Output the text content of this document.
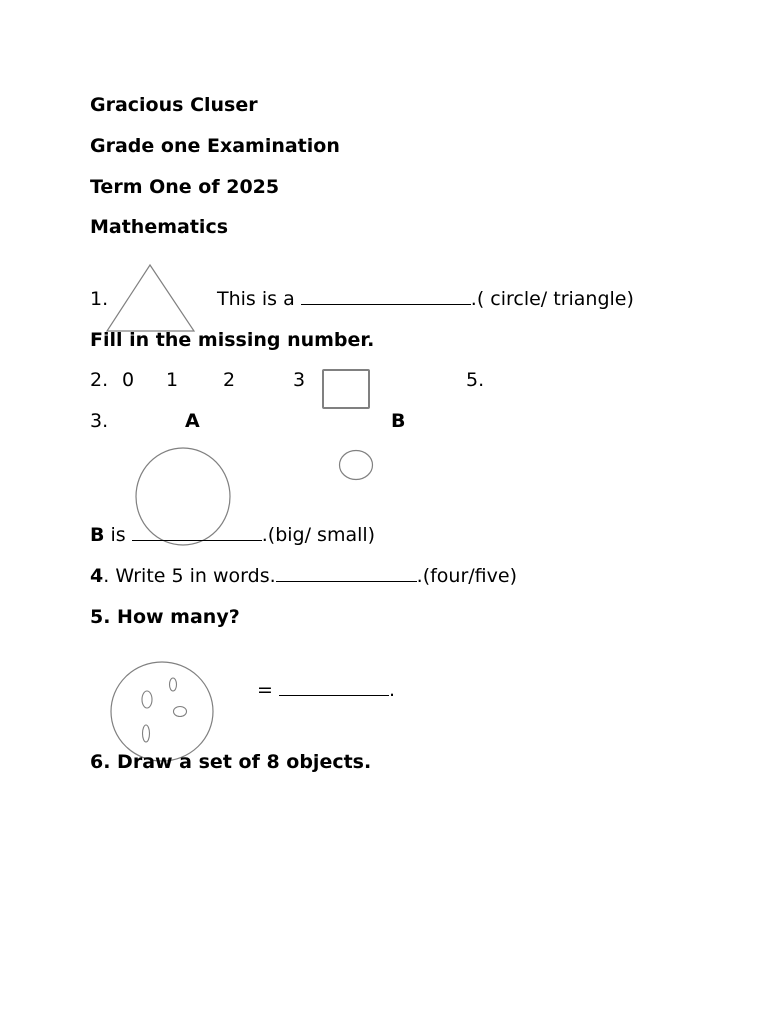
Gracious Cluser
Grade one Examination
Term One of 2025
Mathematics
1.	This is a	.( circle/ triangle)
Fill in the missing number.
2. 0 1 2	3	5.
3.	A	B
B is	.(big/ small)
4. Write 5 in words.	.(four/five)
5. How many?
=	.
6. Draw a set of 8 objects.
